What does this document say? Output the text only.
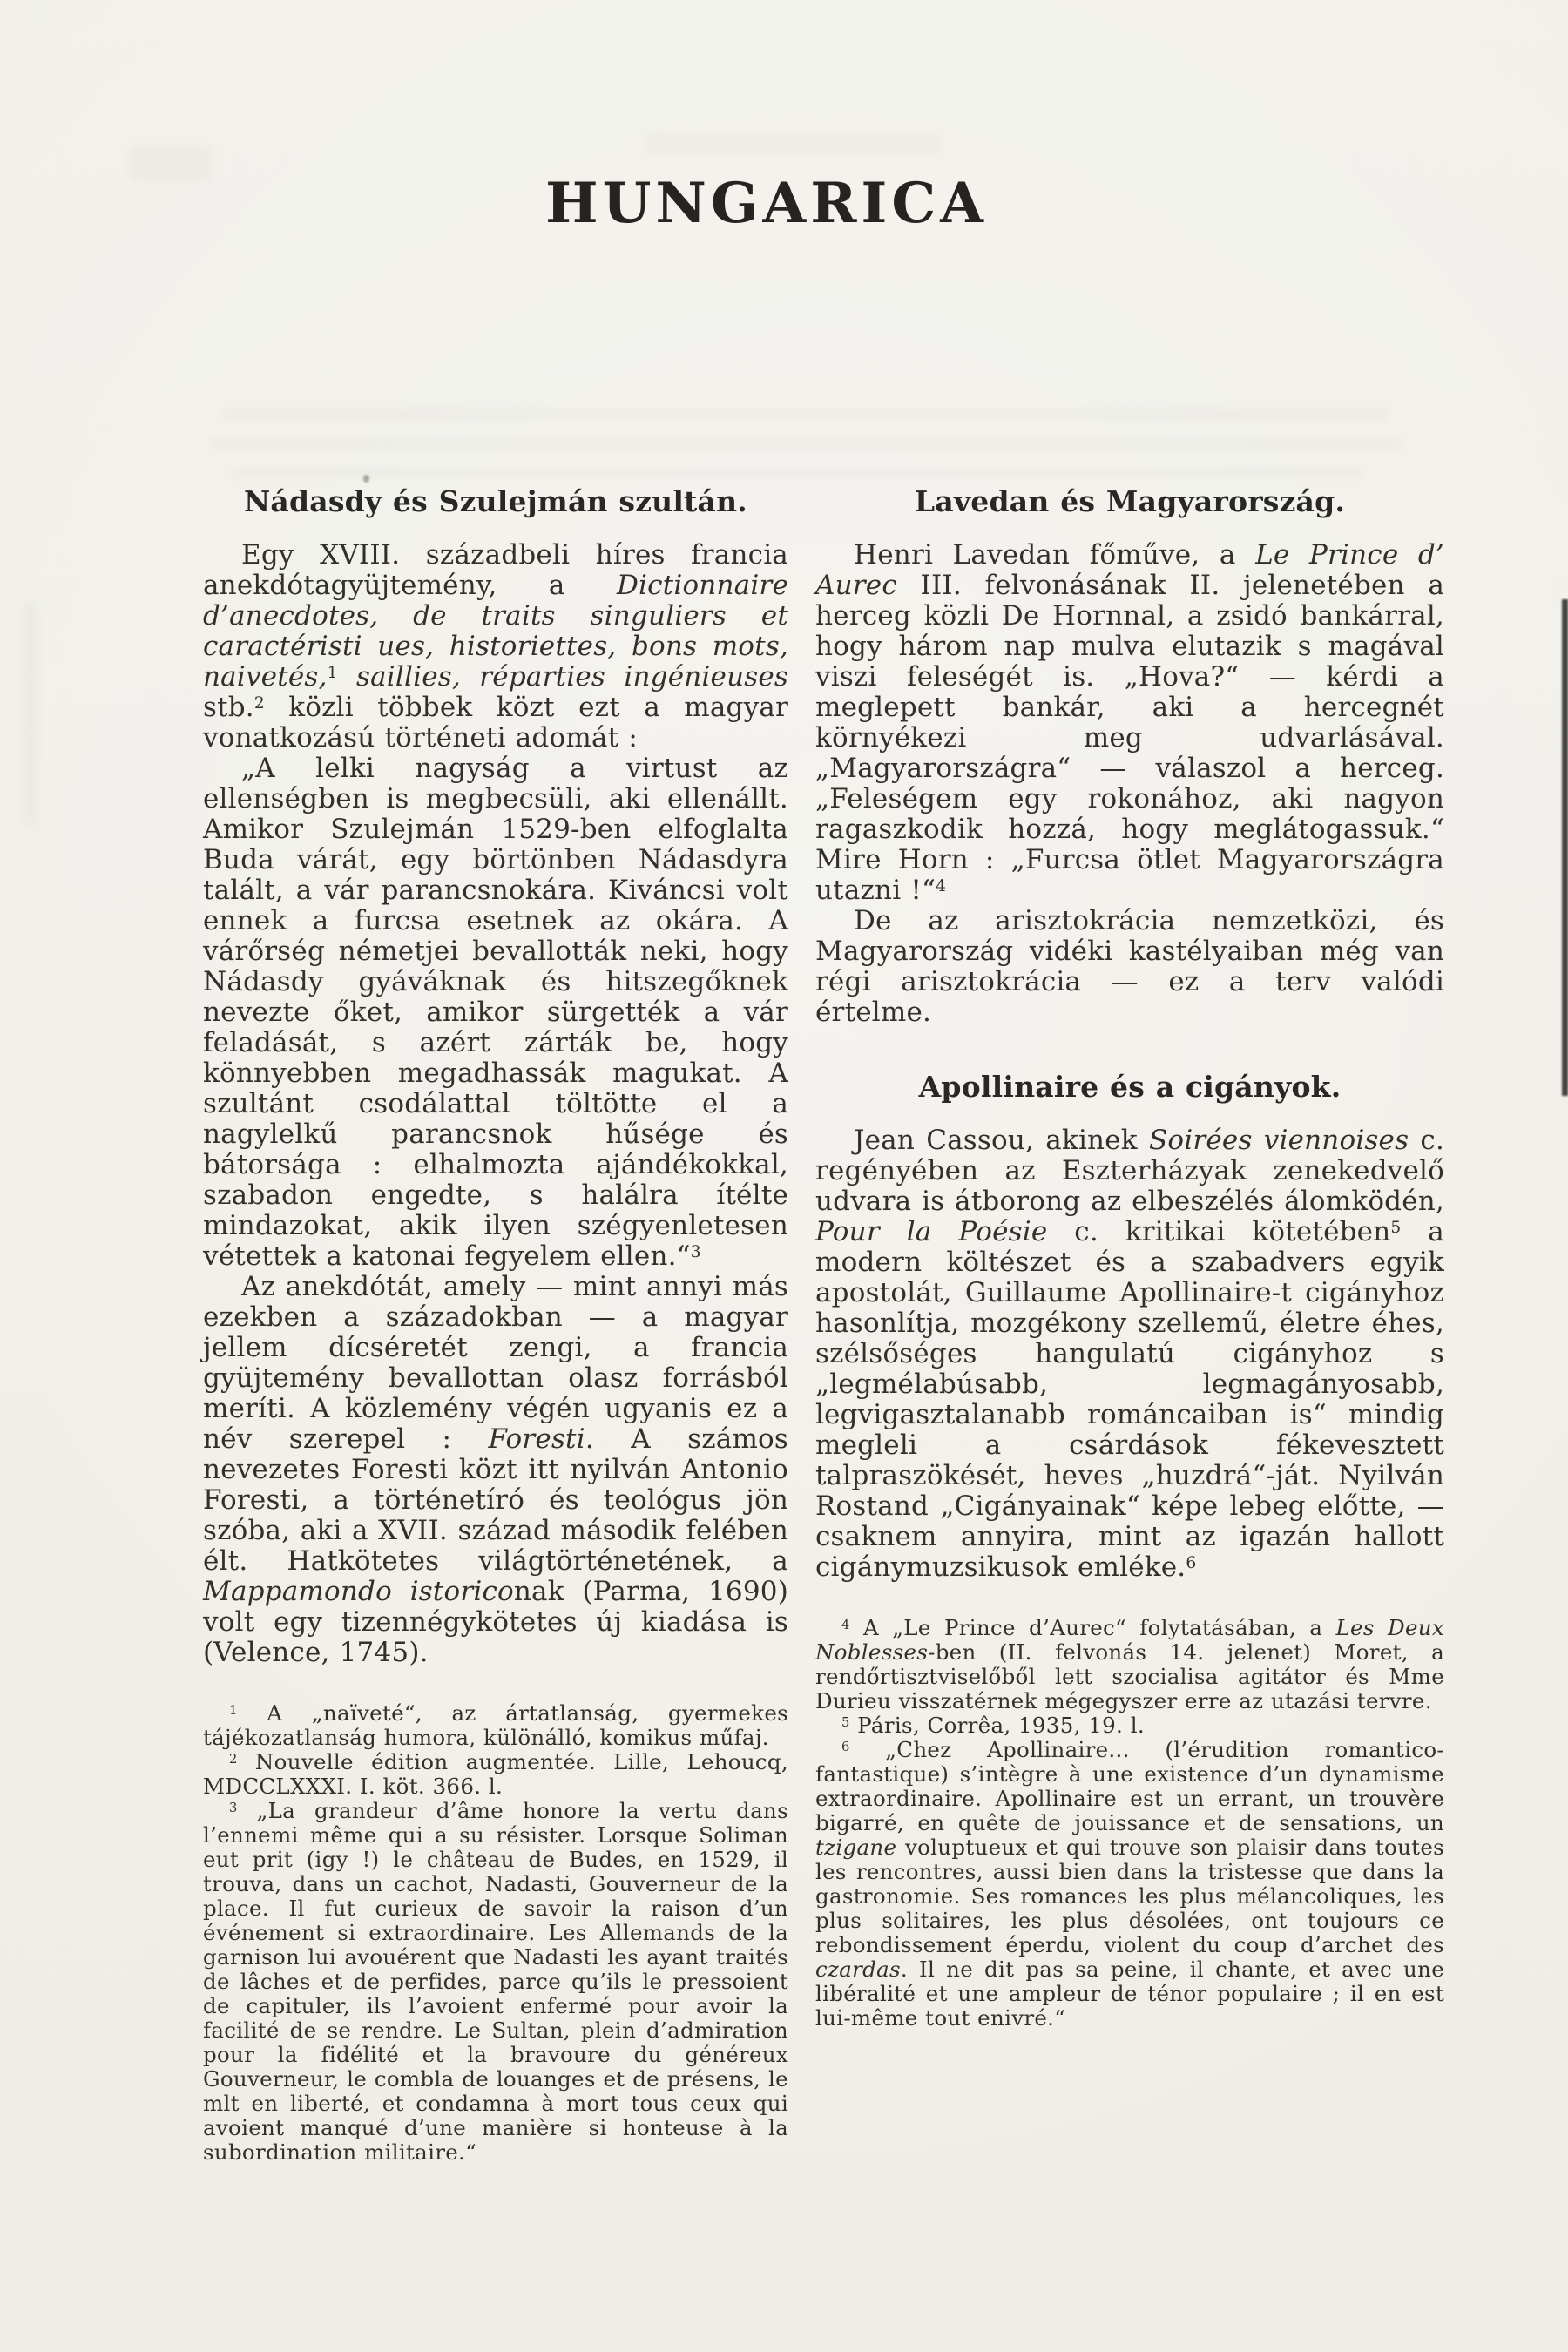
HUNGARICA
Nádasdy és Szulejmán szultán.
Egy XVIII. századbeli híres francia anekdótagyüjtemény, a Dictionnaire d’anecdotes, de traits singuliers et caractéristi ues, historiettes, bons mots, naivetés,$^1$ saillies, réparties ingénieuses stb.$^2$ közli többek közt ezt a magyar vonatkozású történeti adomát :
„A lelki nagyság a virtust az ellenségben is megbecsüli, aki ellenállt. Amikor Szulejmán 1529-ben elfoglalta Buda várát, egy börtönben Nádasdyra talált, a vár parancsnokára. Kiváncsi volt ennek a furcsa esetnek az okára. A várőrség németjei bevallották neki, hogy Nádasdy gyáváknak és hitszegőknek nevezte őket, amikor sürgették a vár feladását, s azért zárták be, hogy könnyebben megadhassák magukat. A szultánt csodálattal töltötte el a nagylelkű parancsnok hűsége és bátorsága : elhalmozta ajándékokkal, szabadon engedte, s halálra ítélte mindazokat, akik ilyen szégyenletesen vétettek a katonai fegyelem ellen.“$^3$
Az anekdótát, amely — mint annyi más ezekben a századokban — a magyar jellem dícséretét zengi, a francia gyüjtemény bevallottan olasz forrásból meríti. A közlemény végén ugyanis ez a név szerepel : Foresti. A számos nevezetes Foresti közt itt nyilván Antonio Foresti, a történetíró és teológus jön szóba, aki a XVII. század második felében élt. Hatkötetes világtörténetének, a Mappamondo istoriconak (Parma, 1690) volt egy tizennégykötetes új kiadása is (Velence, 1745).
$^1$ A „naïveté“, az ártatlanság, gyermekes tájékozatlanság humora, különálló, komikus műfaj.
$^2$ Nouvelle édition augmentée. Lille, Lehoucq, MDCCLXXXI. I. köt. 366. l.
$^3$ „La grandeur d’âme honore la vertu dans l’ennemi même qui a su résister. Lorsque Soliman eut prit (igy !) le château de Budes, en 1529, il trouva, dans un cachot, Nadasti, Gouverneur de la place. Il fut curieux de savoir la raison d’un événement si extraordinaire. Les Allemands de la garnison lui avouérent que Nadasti les ayant traités de lâches et de perfides, parce qu’ils le pressoient de capituler, ils l’avoient enfermé pour avoir la facilité de se rendre. Le Sultan, plein d’admiration pour la fidélité et la bravoure du généreux Gouverneur, le combla de louanges et de présens, le mlt en liberté, et condamna à mort tous ceux qui avoient manqué d’une manière si honteuse à la subordination militaire.“
Lavedan és Magyarország.
Henri Lavedan főműve, a Le Prince d’ Aurec III. felvonásának II. jelenetében a herceg közli De Hornnal, a zsidó bankárral, hogy három nap mulva elutazik s magával viszi feleségét is. „Hova?“ — kérdi a meglepett bankár, aki a hercegnét környékezi meg udvarlásával. „Magyarországra“ — válaszol a herceg. „Feleségem egy rokonához, aki nagyon ragaszkodik hozzá, hogy meglátogassuk.“ Mire Horn : „Furcsa ötlet Magyarországra utazni !“$^4$
De az arisztokrácia nemzetközi, és Magyarország vidéki kastélyaiban még van régi arisztokrácia — ez a terv valódi értelme.
Apollinaire és a cigányok.
Jean Cassou, akinek Soirées viennoises c. regényében az Eszterházyak zenekedvelő udvara is átborong az elbeszélés álomködén, Pour la Poésie c. kritikai kötetében$^5$ a modern költészet és a szabadvers egyik apostolát, Guillaume Apollinaire-t cigányhoz hasonlítja, mozgékony szellemű, életre éhes, szélsőséges hangulatú cigányhoz s „legmélabúsabb, legmagányosabb, legvigasztalanabb románcaiban is“ mindig megleli a csárdások fékevesztett talpraszökését, heves „huzdrá“-ját. Nyilván Rostand „Cigányainak“ képe lebeg előtte, — csaknem annyira, mint az igazán hallott cigánymuzsikusok emléke.$^6$
$^4$ A „Le Prince d’Aurec“ folytatásában, a Les Deux Noblesses-ben (II. felvonás 14. jelenet) Moret, a rendőrtisztviselőből lett szocialisa agitátor és Mme Durieu visszatérnek mégegyszer erre az utazási tervre.
$^5$ Páris, Corrêa, 1935, 19. l.
$^6$ „Chez Apollinaire... (l’érudition romantico-fantastique) s’intègre à une existence d’un dynamisme extraordinaire. Apollinaire est un errant, un trouvère bigarré, en quête de jouissance et de sensations, un tzigane voluptueux et qui trouve son plaisir dans toutes les rencontres, aussi bien dans la tristesse que dans la gastronomie. Ses romances les plus mélancoliques, les plus solitaires, les plus désolées, ont toujours ce rebondissement éperdu, violent du coup d’archet des czardas. Il ne dit pas sa peine, il chante, et avec une libéralité et une ampleur de ténor populaire ; il en est lui-même tout enivré.“
